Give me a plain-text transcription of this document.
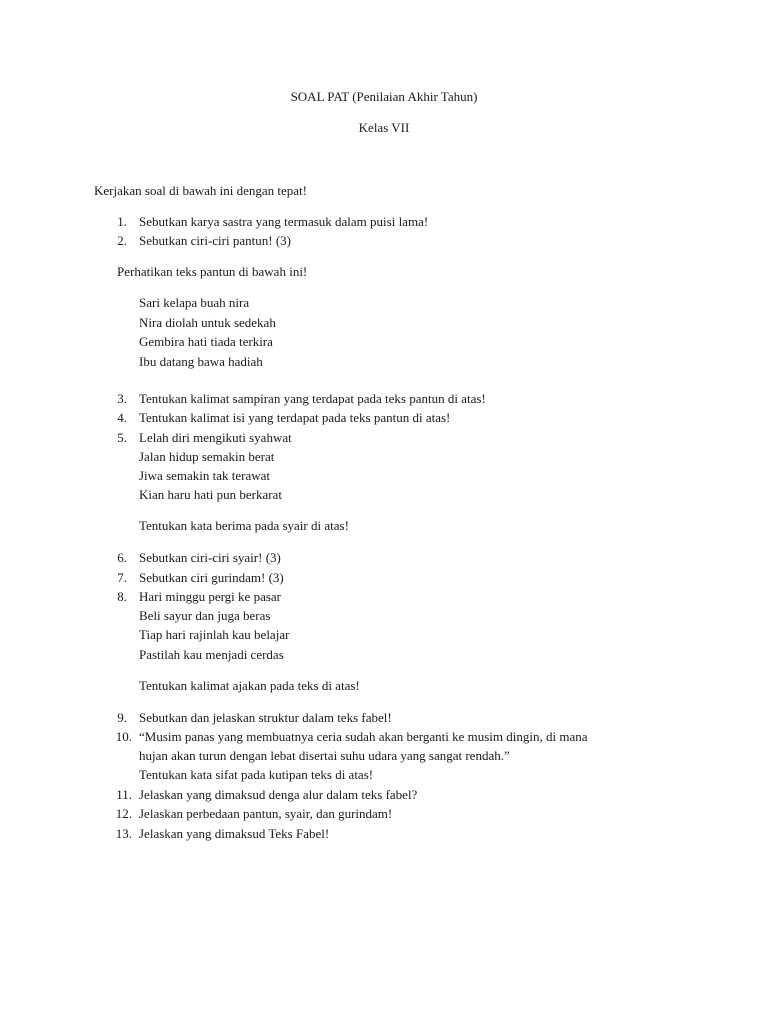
SOAL PAT (Penilaian Akhir Tahun)
Kelas VII
Kerjakan soal di bawah ini dengan tepat!
1. Sebutkan karya sastra yang termasuk dalam puisi lama!
2. Sebutkan ciri-ciri pantun! (3)
Perhatikan teks pantun di bawah ini!
Sari kelapa buah nira
Nira diolah untuk sedekah
Gembira hati tiada terkira
Ibu datang bawa hadiah
3. Tentukan kalimat sampiran yang terdapat pada teks pantun di atas!
4. Tentukan kalimat isi yang terdapat pada teks pantun di atas!
5. Lelah diri mengikuti syahwat
Jalan hidup semakin berat
Jiwa semakin tak terawat
Kian haru hati pun berkarat
Tentukan kata berima pada syair di atas!
6. Sebutkan ciri-ciri syair! (3)
7. Sebutkan ciri gurindam! (3)
8. Hari minggu pergi ke pasar
Beli sayur dan juga beras
Tiap hari rajinlah kau belajar
Pastilah kau menjadi cerdas
Tentukan kalimat ajakan pada teks di atas!
9. Sebutkan dan jelaskan struktur dalam teks fabel!
10. “Musim panas yang membuatnya ceria sudah akan berganti ke musim dingin, di mana
hujan akan turun dengan lebat disertai suhu udara yang sangat rendah.”
Tentukan kata sifat pada kutipan teks di atas!
11. Jelaskan yang dimaksud denga alur dalam teks fabel?
12. Jelaskan perbedaan pantun, syair, dan gurindam!
13. Jelaskan yang dimaksud Teks Fabel!
